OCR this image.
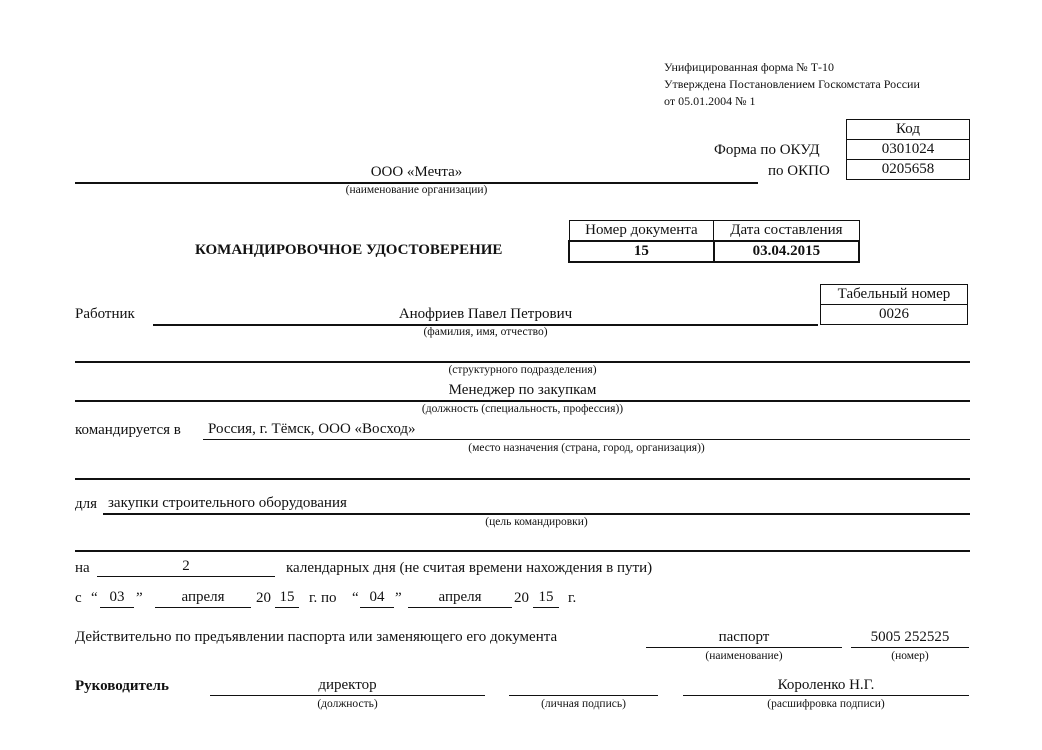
Унифицированная форма № Т-10
Утверждена Постановлением Госкомстата России
от 05.01.2004 № 1
Форма по ОКУД
по ОКПО
Код
0301024
0205658
ООО «Мечта»
(наименование организации)
КОМАНДИРОВОЧНОЕ УДОСТОВЕРЕНИЕ
Номер документа	Дата составления
15	03.04.2015
Работник	Анофриев Павел Петрович
(фамилия, имя, отчество)
Табельный номер
0026
(структурного подразделения)
Менеджер по закупкам
(должность (специальность, профессия))
командируется в Россия, г. Тёмск, ООО «Восход»
(место назначения (страна, город, организация))
для закупки строительного оборудования
(цель командировки)
на	2	календарных дня (не считая времени нахождения в пути)
с “ 03 ”	апреля	20 15 г. по “ 04 ”	апреля	20 15 г.
Действительно по предъявлении паспорта или заменяющего его документа	паспорт
(наименование)
5005 252525
(номер)
Руководитель	директор
(должность)	(личная подпись)
Короленко Н.Г.
(расшифровка подписи)
